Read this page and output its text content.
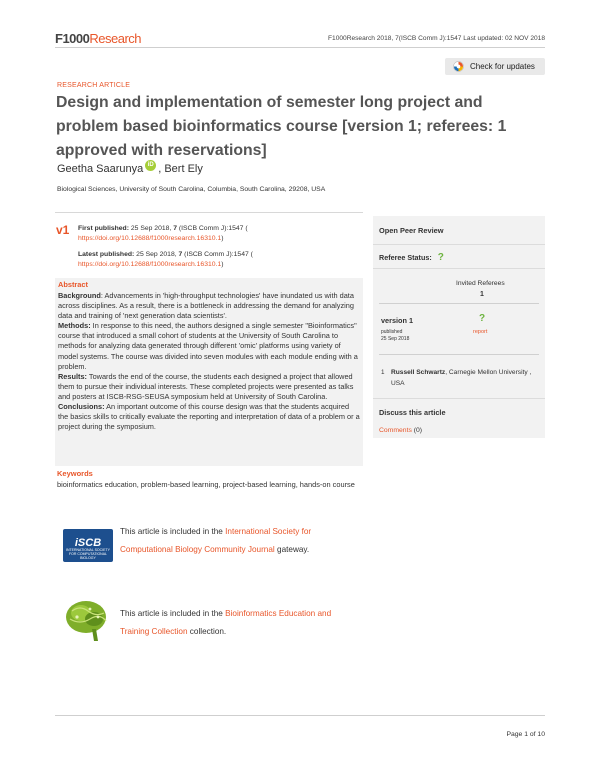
F1000Research	F1000Research 2018, 7(ISCB Comm J):1547 Last updated: 02 NOV 2018
Check for updates
RESEARCH ARTICLE
Design and implementation of semester long project and problem based bioinformatics course [version 1; referees: 1 approved with reservations]
Geetha Saarunya iD , Bert Ely
Biological Sciences, University of South Carolina, Columbia, South Carolina, 29208, USA
v1 First published: 25 Sep 2018, 7 (ISCB Comm J):1547 (
https://doi.org/10.12688/f1000research.16310.1)
Latest published: 25 Sep 2018, 7 (ISCB Comm J):1547 (
https://doi.org/10.12688/f1000research.16310.1)
Abstract

Background: Advancements in 'high-throughput technologies' have inundated us with data across disciplines. As a result, there is a bottleneck in addressing the demand for analyzing data and training of 'next generation data scientists'.

Methods: In response to this need, the authors designed a single semester "Bioinformatics" course that introduced a small cohort of students at the University of South Carolina to methods for analyzing data generated through different 'omic' platforms using variety of model systems. The course was divided into seven modules with each module ending with a problem.

Results: Towards the end of the course, the students each designed a project that allowed them to pursue their individual interests. These completed projects were presented as talks and posters at ISCB-RSG-SEUSA symposium held at University of South Carolina.

Conclusions: An important outcome of this course design was that the students acquired the basics skills to critically evaluate the reporting and interpretation of data of a problem or a project during the symposium.

Keywords
bioinformatics education, problem-based learning, project-based learning, hands-on course
iSCB
INTERNATIONAL SOCIETY FOR COMPUTATIONAL BIOLOGY
This article is included in the International Society for Computational Biology Community Journal gateway.
This article is included in the Bioinformatics Education and Training Collection collection.
Open Peer Review
Referee Status: ?
Invited Referees
1
version 1
published
25 Sep 2018
?
report
1 Russell Schwartz, Carnegie Mellon University , USA
Discuss this article
Comments (0)
Page 1 of 10
